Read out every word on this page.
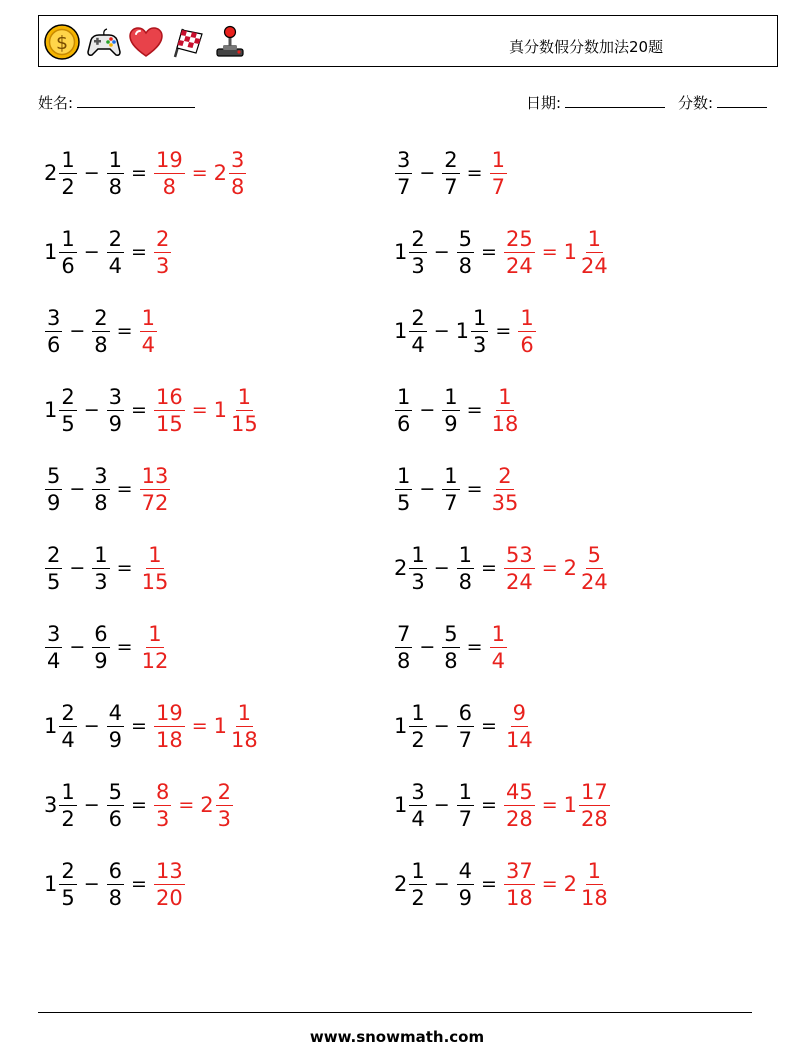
$	真分数假分数加法20题
姓名:	日期:	分数:
$2 \frac{1}{2} - \frac{1}{8} = \frac{19}{8} = 2 \frac{3}{8}$	$\frac{3}{7} - \frac{2}{7} = \frac{1}{7}$
$1 \frac{1}{6} - \frac{2}{4} = \frac{2}{3}$	$1 \frac{2}{3} - \frac{5}{8} = \frac{25}{24} = 1 \frac{1}{24}$
$\frac{3}{6} - \frac{2}{8} = \frac{1}{4}$	$1 \frac{2}{4} - 1 \frac{1}{3} = \frac{1}{6}$
$1 \frac{2}{5} - \frac{3}{9} = \frac{16}{15} = 1 \frac{1}{15}$	$\frac{1}{6} - \frac{1}{9} = \frac{1}{18}$
$\frac{5}{9} - \frac{3}{8} = \frac{13}{72}$	$\frac{1}{5} - \frac{1}{7} = \frac{2}{35}$
$\frac{2}{5} - \frac{1}{3} = \frac{1}{15}$	$2 \frac{1}{3} - \frac{1}{8} = \frac{53}{24} = 2 \frac{5}{24}$
$\frac{3}{4} - \frac{6}{9} = \frac{1}{12}$	$\frac{7}{8} - \frac{5}{8} = \frac{1}{4}$
$1 \frac{2}{4} - \frac{4}{9} = \frac{19}{18} = 1 \frac{1}{18}$	$1 \frac{1}{2} - \frac{6}{7} = \frac{9}{14}$
$3 \frac{1}{2} - \frac{5}{6} = \frac{8}{3} = 2 \frac{2}{3}$	$1 \frac{3}{4} - \frac{1}{7} = \frac{45}{28} = 1 \frac{17}{28}$
$1 \frac{2}{5} - \frac{6}{8} = \frac{13}{20}$	$2 \frac{1}{2} - \frac{4}{9} = \frac{37}{18} = 2 \frac{1}{18}$
www.snowmath.com
